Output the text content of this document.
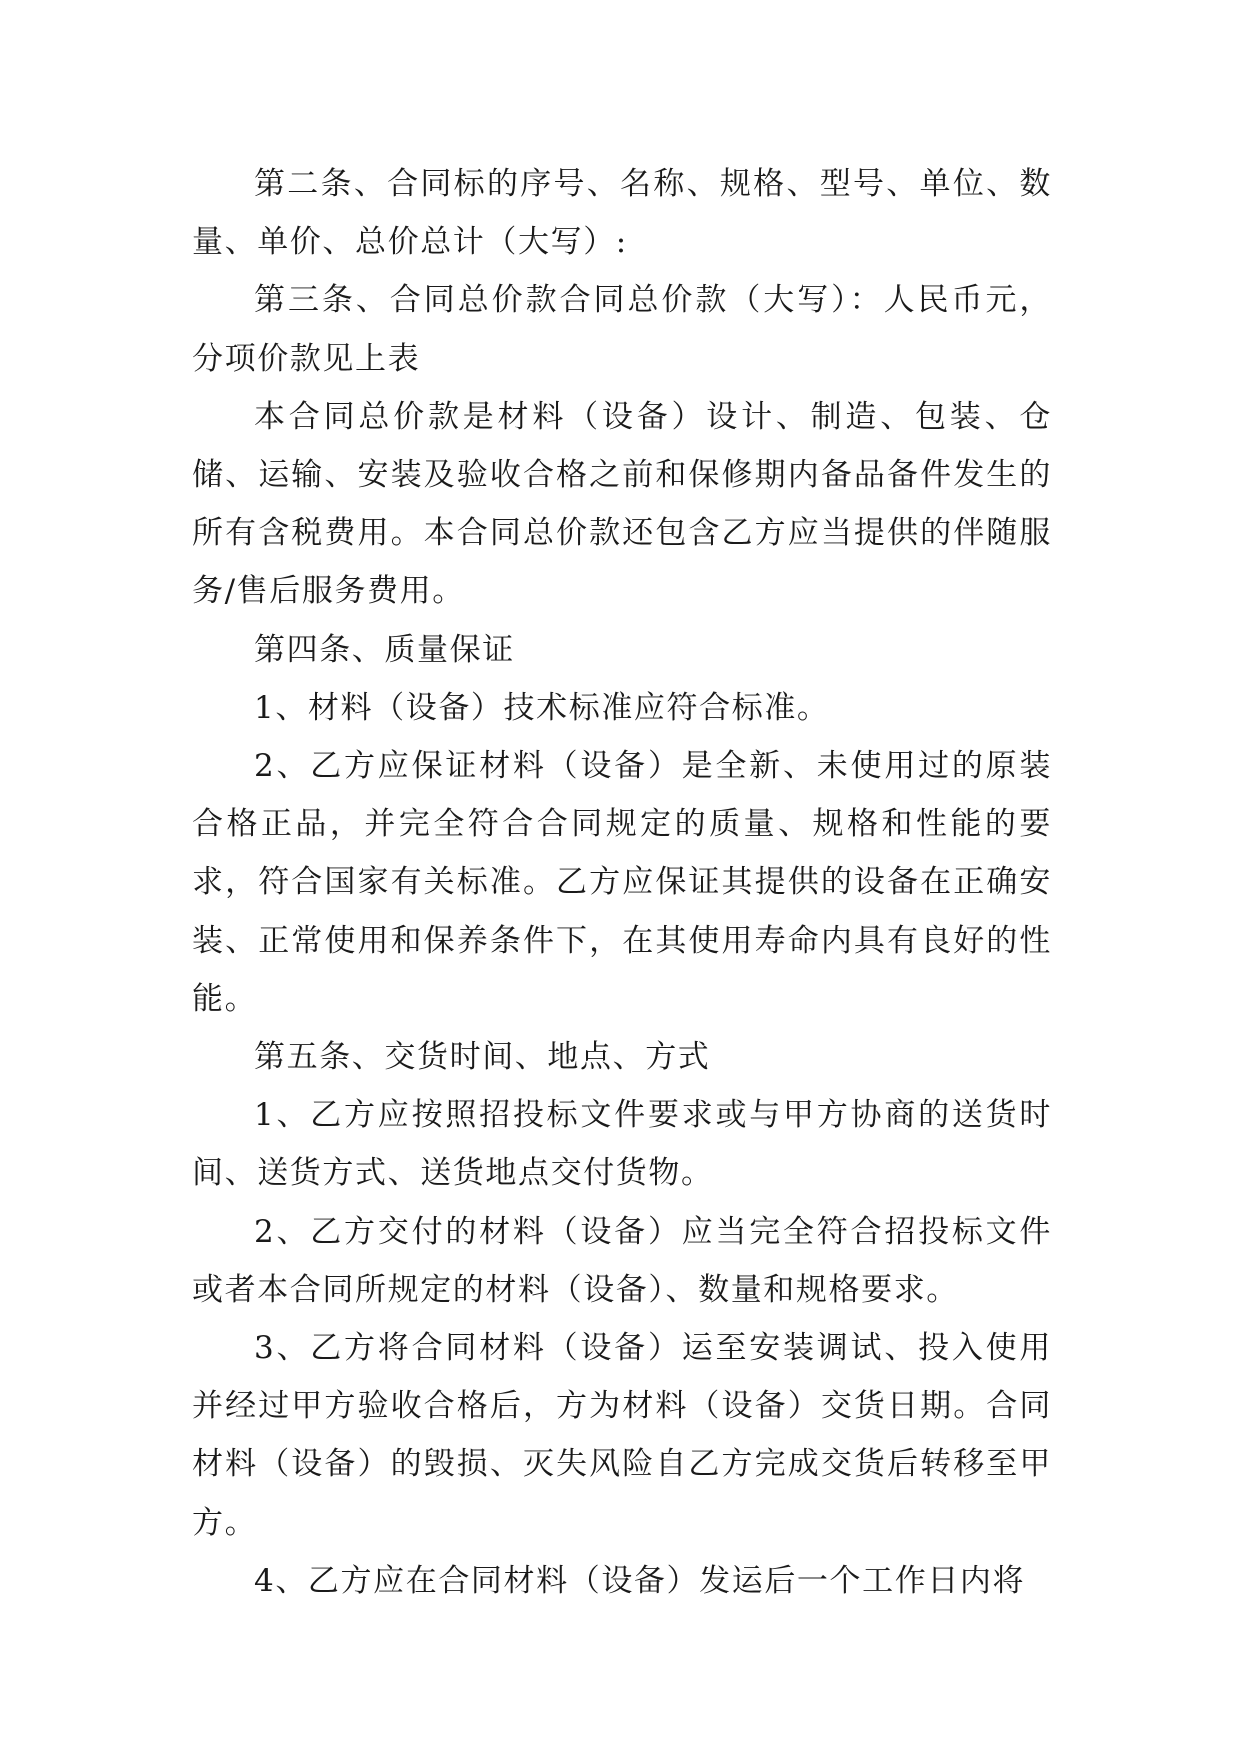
第二条、合同标的序号、名称、规格、型号、单位、数量、单价、总价总计（大写）:

第三条、合同总价款合同总价款（大写）：人民币元，分项价款见上表

本合同总价款是材料（设备）设计、制造、包装、仓储、运输、安装及验收合格之前和保修期内备品备件发生的所有含税费用。本合同总价款还包含乙方应当提供的伴随服务/售后服务费用。

第四条、质量保证

1、材料（设备）技术标准应符合标准。

2、乙方应保证材料（设备）是全新、未使用过的原装合格正品，并完全符合合同规定的质量、规格和性能的要求，符合国家有关标准。乙方应保证其提供的设备在正确安装、正常使用和保养条件下，在其使用寿命内具有良好的性能。

第五条、交货时间、地点、方式

1、乙方应按照招投标文件要求或与甲方协商的送货时间、送货方式、送货地点交付货物。

2、乙方交付的材料（设备）应当完全符合招投标文件或者本合同所规定的材料（设备）、数量和规格要求。

3、乙方将合同材料（设备）运至安装调试、投入使用并经过甲方验收合格后，方为材料（设备）交货日期。合同材料（设备）的毁损、灭失风险自乙方完成交货后转移至甲方。

4、乙方应在合同材料（设备）发运后一个工作日内将
